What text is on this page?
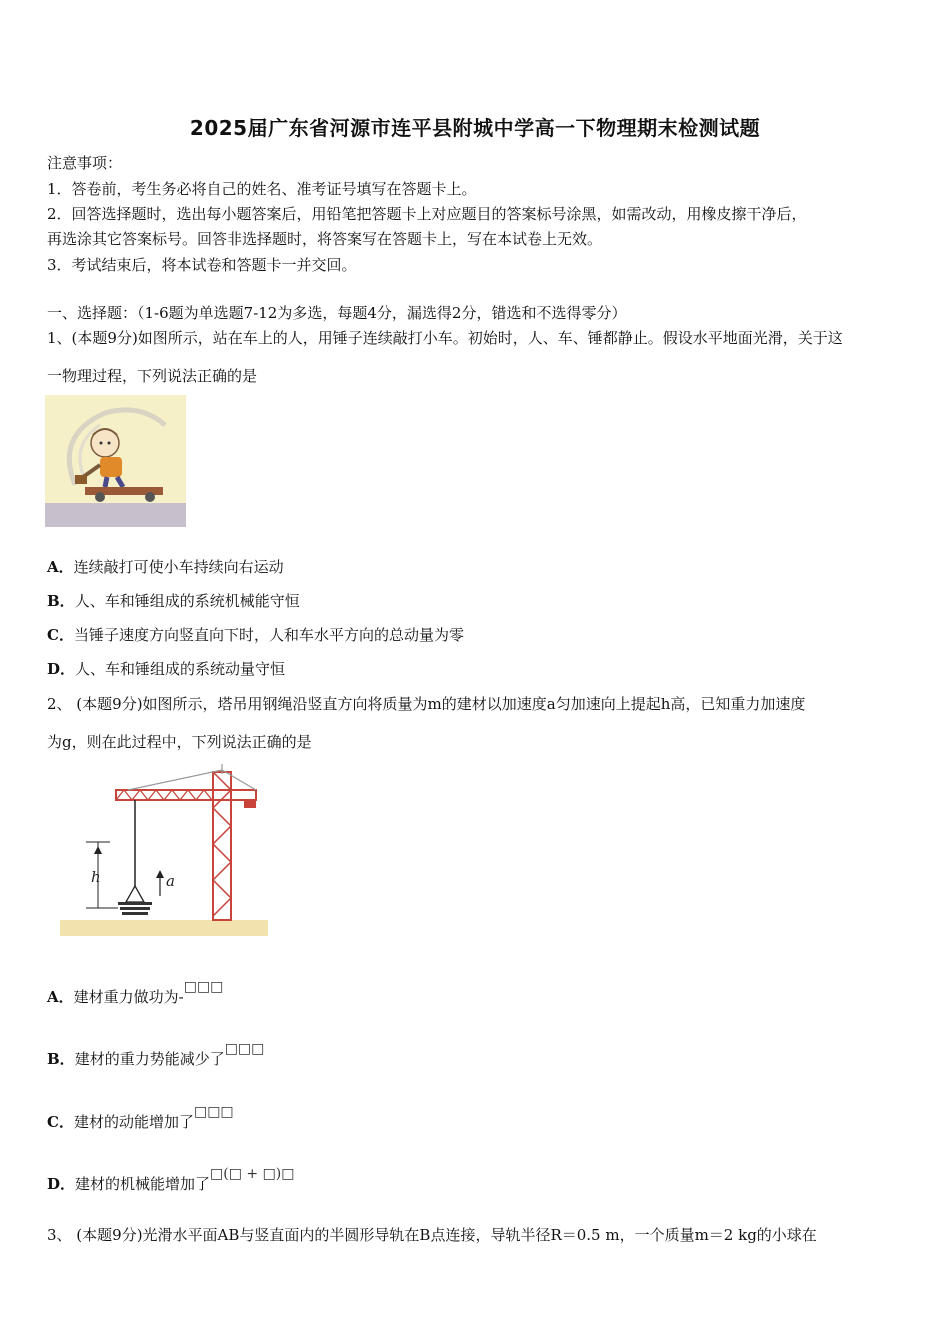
2025届广东省河源市连平县附城中学高一下物理期末检测试题
注意事项：
1．答卷前，考生务必将自己的姓名、准考证号填写在答题卡上。
2．回答选择题时，选出每小题答案后，用铅笔把答题卡上对应题目的答案标号涂黑，如需改动，用橡皮擦干净后，
再选涂其它答案标号。回答非选择题时，将答案写在答题卡上，写在本试卷上无效。
3．考试结束后，将本试卷和答题卡一并交回。
一、选择题：（1-6题为单选题7-12为多选，每题4分，漏选得2分，错选和不选得零分）
1、(本题9分)如图所示，站在车上的人，用锤子连续敲打小车。初始时，人、车、锤都静止。假设水平地面光滑，关于这
一物理过程，下列说法正确的是
A．连续敲打可使小车持续向右运动
B．人、车和锤组成的系统机械能守恒
C．当锤子速度方向竖直向下时，人和车水平方向的总动量为零
D．人、车和锤组成的系统动量守恒
2、 (本题9分)如图所示，塔吊用钢绳沿竖直方向将质量为m的建材以加速度a匀加速向上提起h高，已知重力加速度
为g，则在此过程中，下列说法正确的是
h	a
A．建材重力做功为-□□□
B．建材的重力势能减少了□□□
C．建材的动能增加了□□□
D．建材的机械能增加了□(□ + □)□
3、 (本题9分)光滑水平面AB与竖直面内的半圆形导轨在B点连接，导轨半径R＝0.5 m，一个质量m＝2 kg的小球在
